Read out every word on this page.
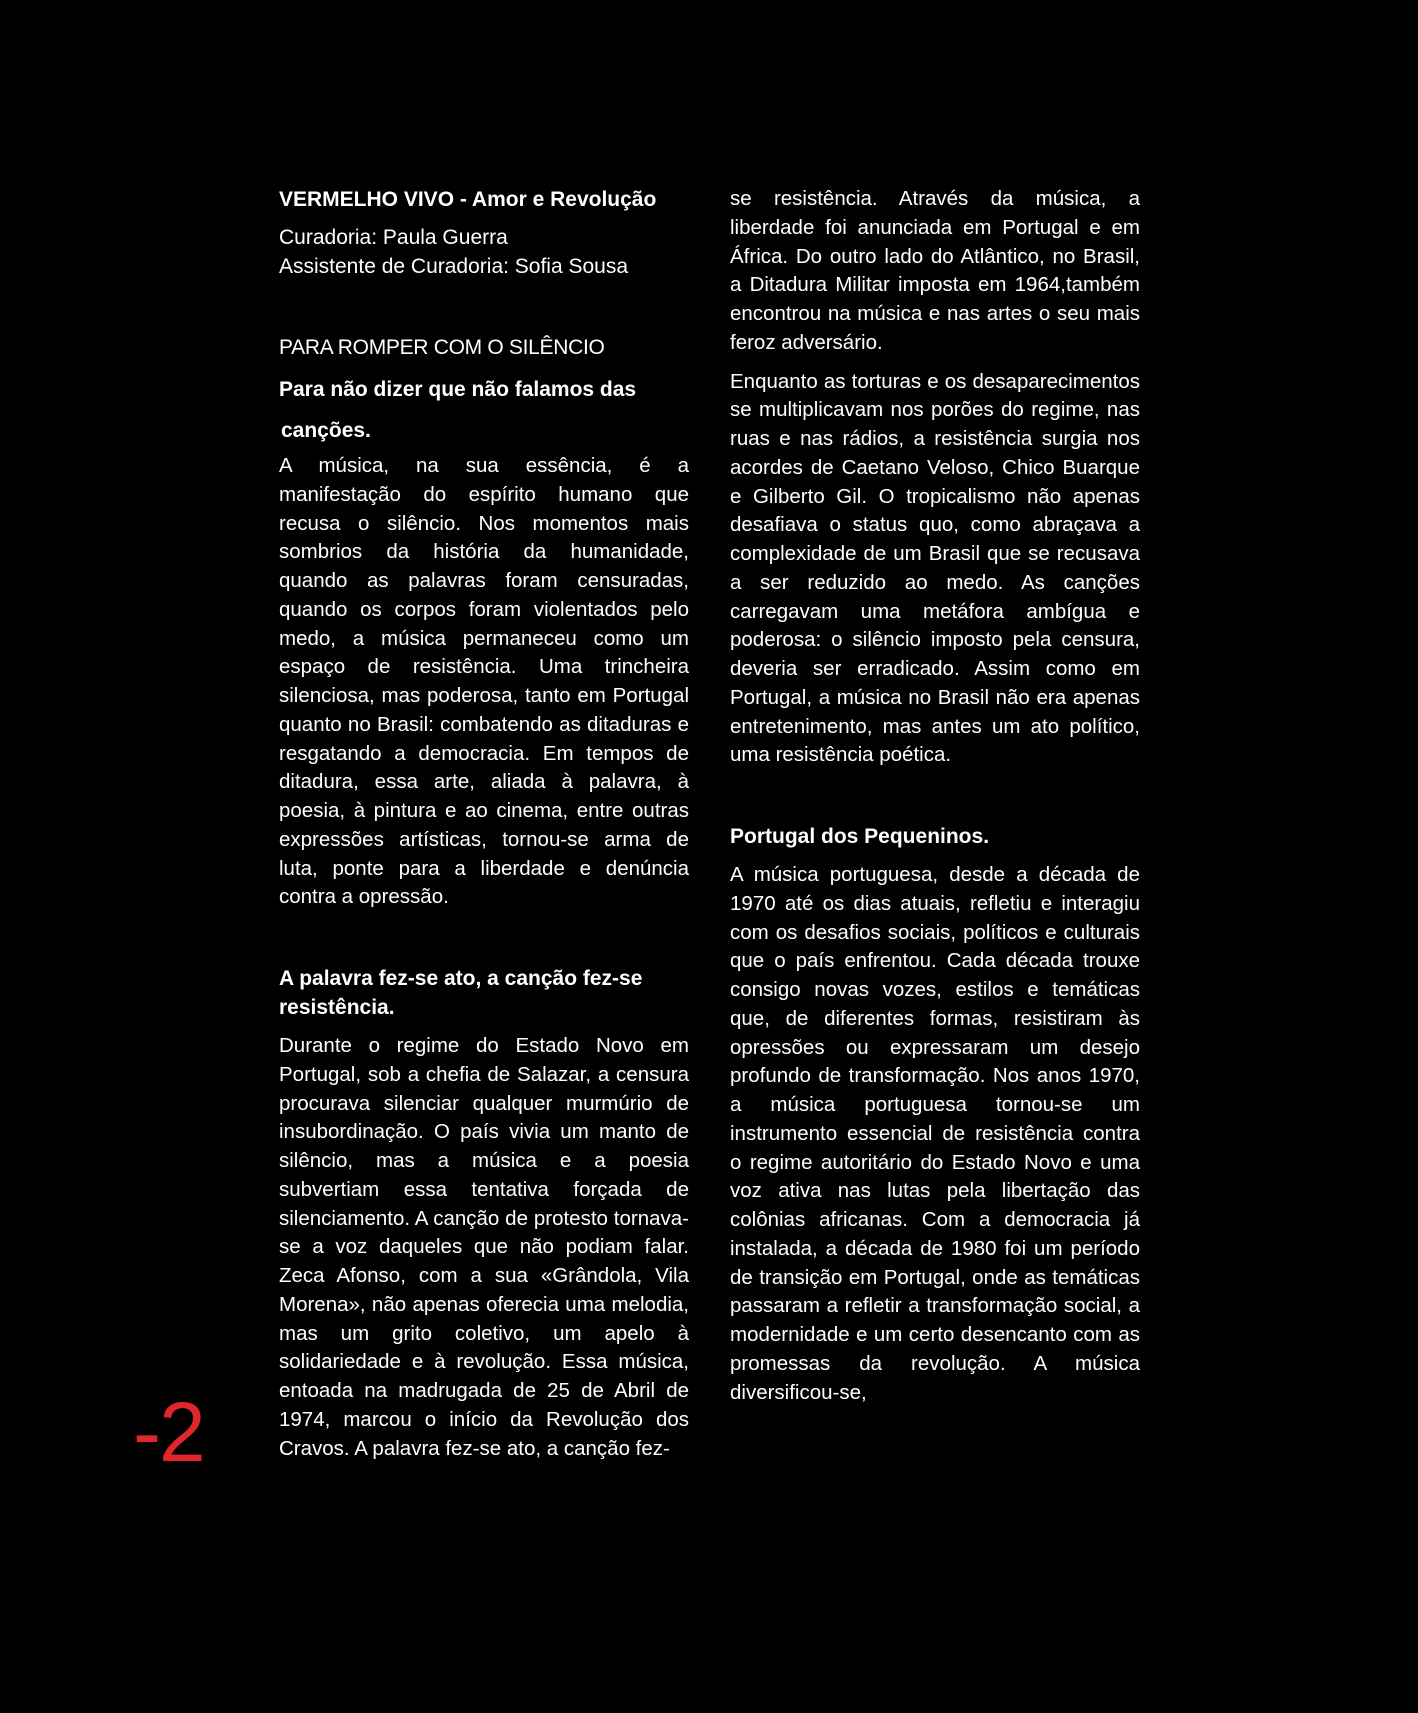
VERMELHO VIVO - Amor e Revolução

Curadoria: Paula Guerra

Assistente de Curadoria: Sofia Sousa

PARA ROMPER COM O SILÊNCIO
Para não dizer que não falamos das
canções.

A música, na sua essência, é a manifestação do espírito humano que recusa o silêncio. Nos momentos mais sombrios da história da humanidade, quando as palavras foram censuradas, quando os corpos foram violentados pelo medo, a música permaneceu como um espaço de resistência. Uma trincheira silenciosa, mas poderosa, tanto em Portugal quanto no Brasil: combatendo as ditaduras e resgatando a democracia. Em tempos de ditadura, essa arte, aliada à palavra, à poesia, à pintura e ao cinema, entre outras expressões artísticas, tornou-se arma de luta, ponte para a liberdade e denúncia contra a opressão.

A palavra fez-se ato, a canção fez-se resistência.

Durante o regime do Estado Novo em Portugal, sob a chefia de Salazar, a censura procurava silenciar qualquer murmúrio de insubordinação. O país vivia um manto de silêncio, mas a música e a poesia subvertiam essa tentativa forçada de silenciamento. A canção de protesto tornava-se a voz daqueles que não podiam falar. Zeca Afonso, com a sua «Grândola, Vila Morena», não apenas oferecia uma melodia, mas um grito coletivo, um apelo à solidariedade e à revolução. Essa música, entoada na madrugada de 25 de Abril de 1974, marcou o início da Revolução dos Cravos. A palavra fez-se ato, a canção fez-

se resistência. Através da música, a liberdade foi anunciada em Portugal e em África. Do outro lado do Atlântico, no Brasil, a Ditadura Militar imposta em 1964,também encontrou na música e nas artes o seu mais feroz adversário.

Enquanto as torturas e os desaparecimentos se multiplicavam nos porões do regime, nas ruas e nas rádios, a resistência surgia nos acordes de Caetano Veloso, Chico Buarque e Gilberto Gil. O tropicalismo não apenas desafiava o status quo, como abraçava a complexidade de um Brasil que se recusava a ser reduzido ao medo. As canções carregavam uma metáfora ambígua e poderosa: o silêncio imposto pela censura, deveria ser erradicado. Assim como em Portugal, a música no Brasil não era apenas entretenimento, mas antes um ato político, uma resistência poética.

Portugal dos Pequeninos.

A música portuguesa, desde a década de 1970 até os dias atuais, refletiu e interagiu com os desafios sociais, políticos e culturais que o país enfrentou. Cada década trouxe consigo novas vozes, estilos e temáticas que, de diferentes formas, resistiram às opressões ou expressaram um desejo profundo de transformação. Nos anos 1970, a música portuguesa tornou-se um instrumento essencial de resistência contra o regime autoritário do Estado Novo e uma voz ativa nas lutas pela libertação das colônias africanas. Com a democracia já instalada, a década de 1980 foi um período de transição em Portugal, onde as temáticas passaram a refletir a transformação social, a modernidade e um certo desencanto com as promessas da revolução. A música diversificou-se,

-2
